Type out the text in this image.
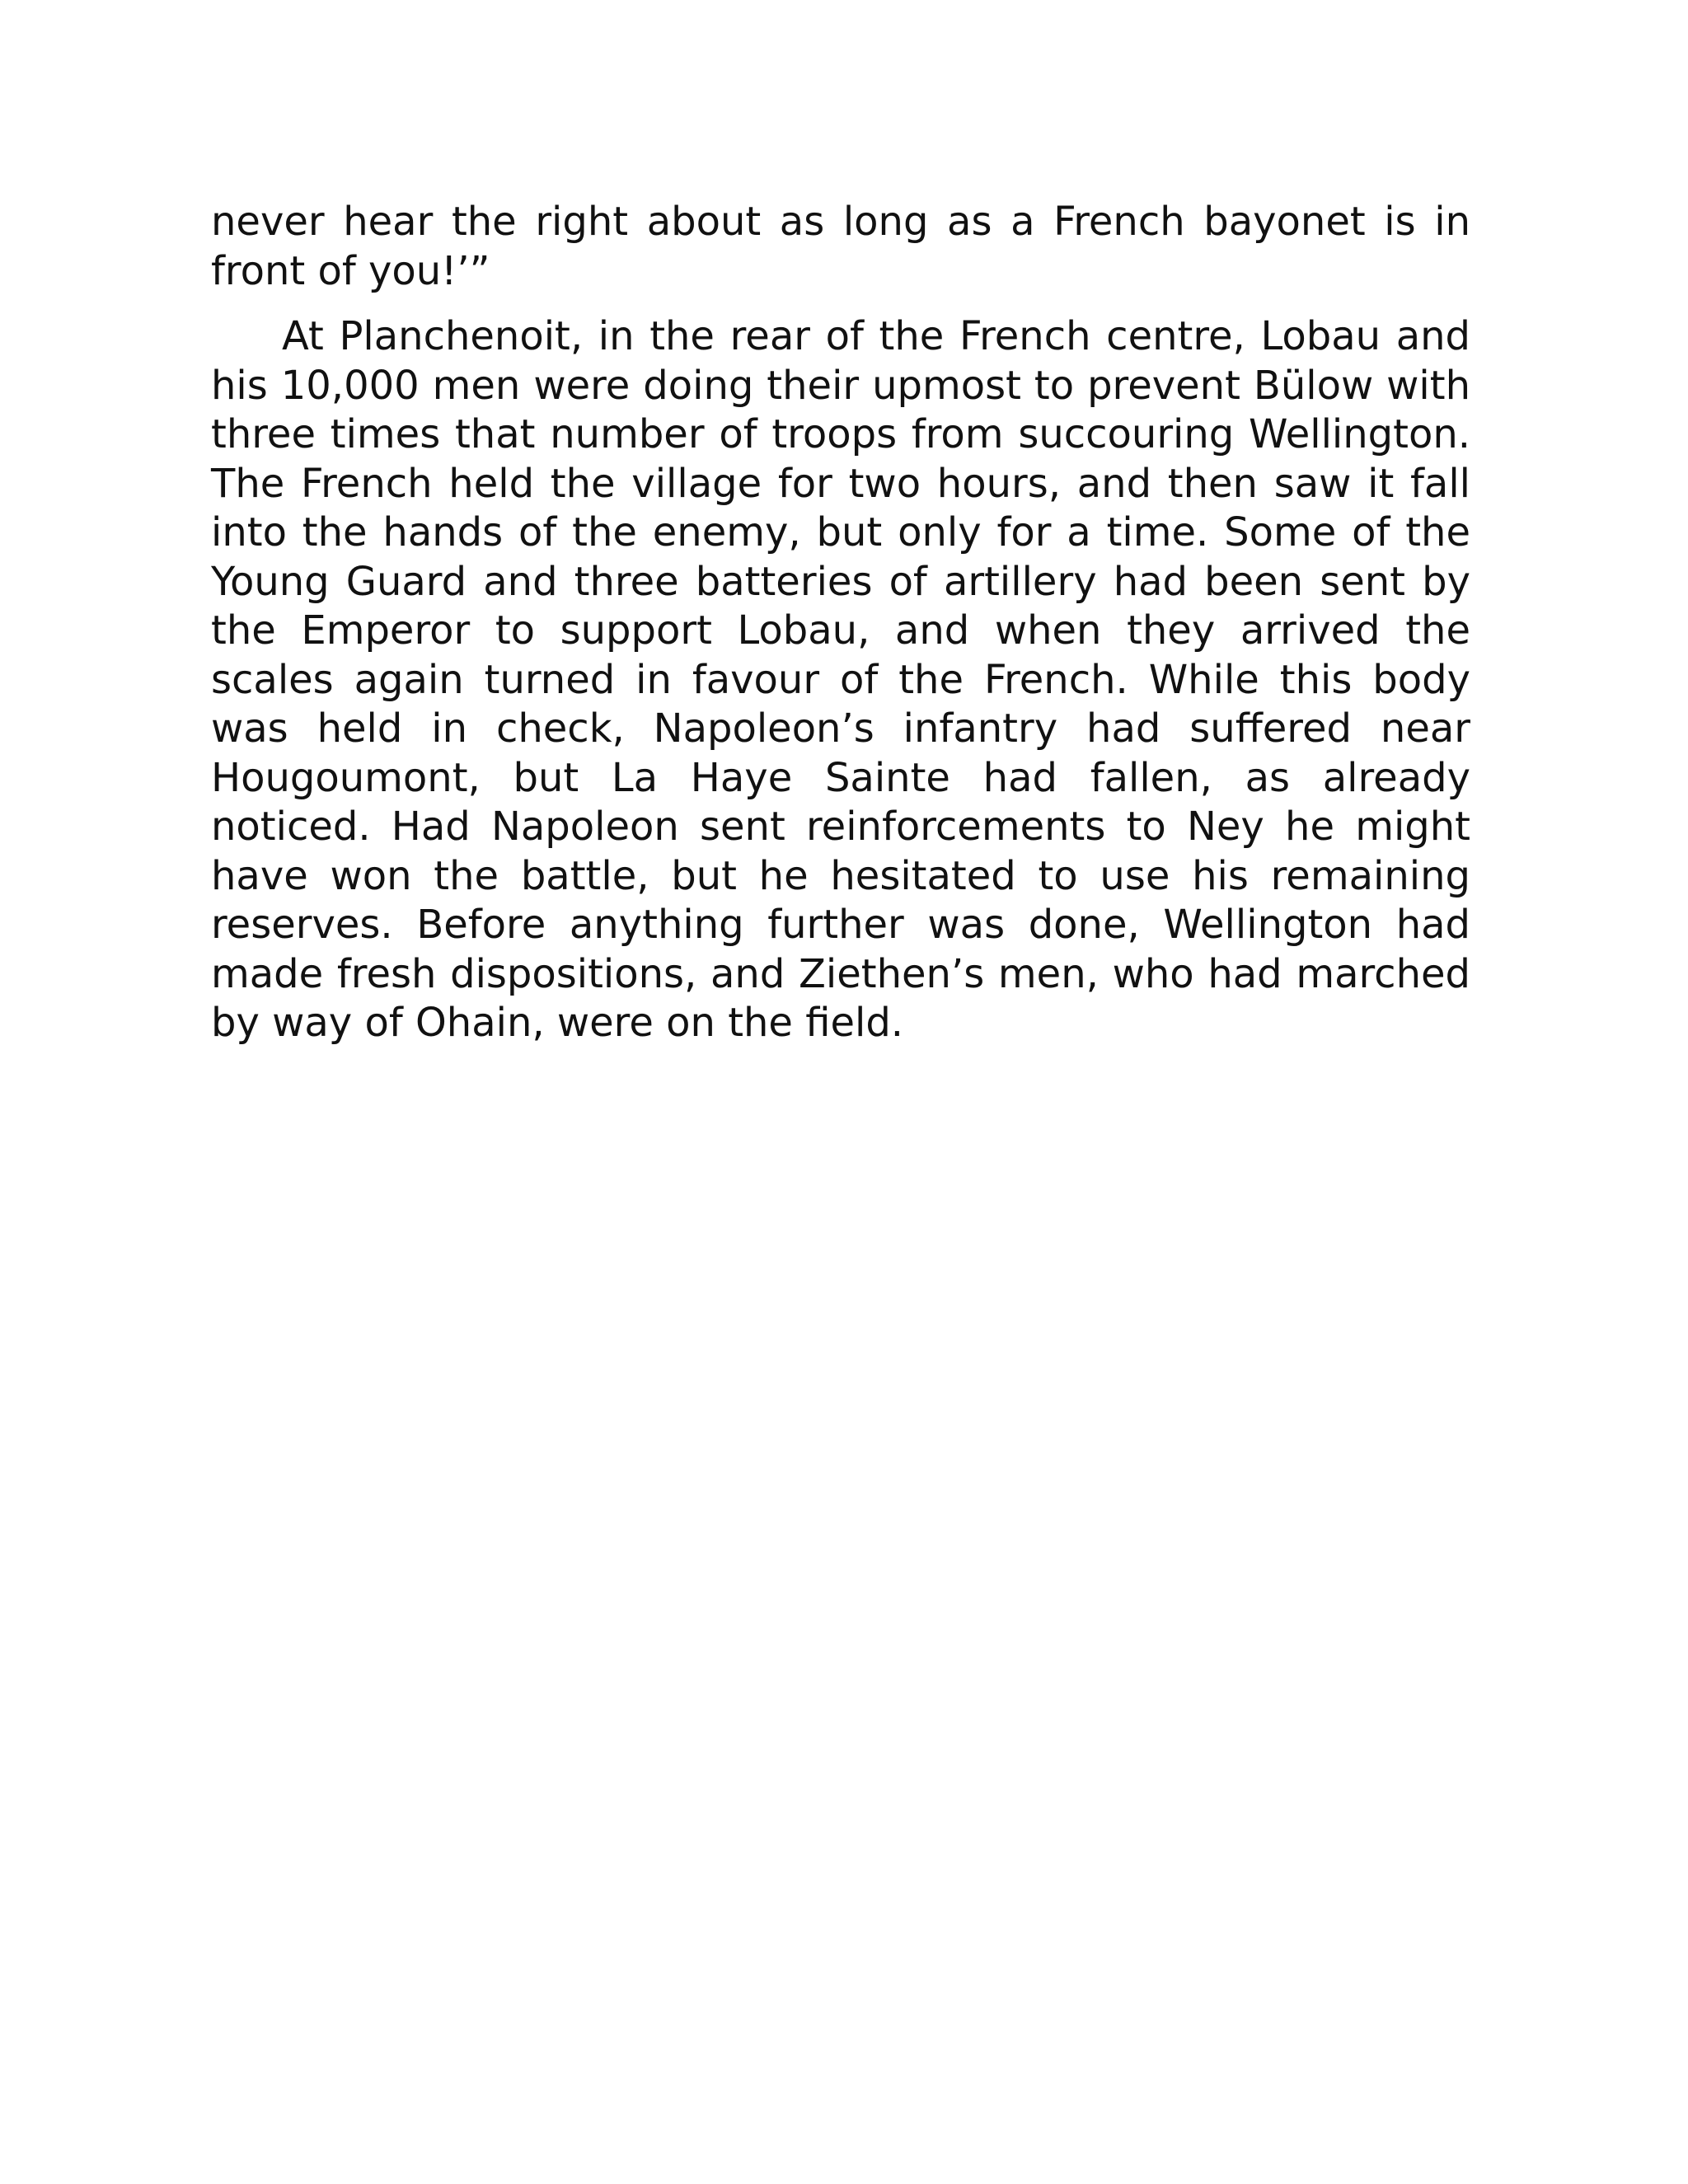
never hear the right about as long as a French bayonet is in front of you!’”

At Planchenoit, in the rear of the French centre, Lobau and his 10,000 men were doing their upmost to prevent Bülow with three times that number of troops from succouring Wellington. The French held the village for two hours, and then saw it fall into the hands of the enemy, but only for a time. Some of the Young Guard and three batteries of artillery had been sent by the Emperor to support Lobau, and when they arrived the scales again turned in favour of the French. While this body was held in check, Napoleon’s infantry had suffered near Hougoumont, but La Haye Sainte had fallen, as already noticed. Had Napoleon sent reinforcements to Ney he might have won the battle, but he hesitated to use his remaining reserves. Before anything further was done, Wellington had made fresh dispositions, and Ziethen’s men, who had marched by way of Ohain, were on the field.
